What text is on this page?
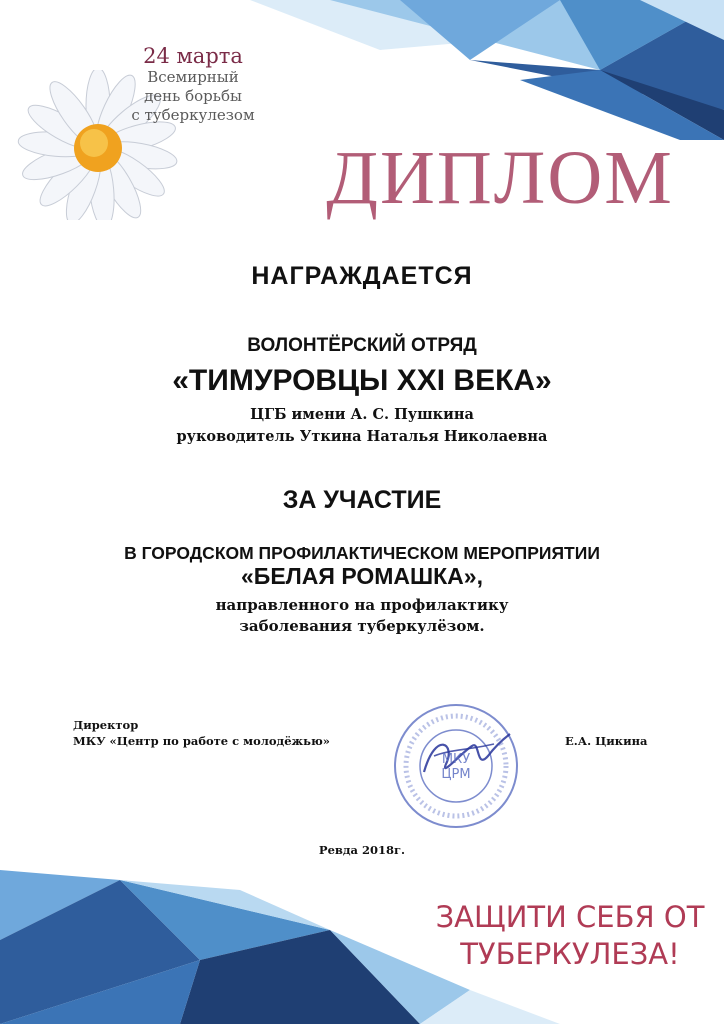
24 марта
Всемирный
день борьбы
с туберкулезом
ДИПЛОМ
НАГРАЖДАЕТСЯ
ВОЛОНТЁРСКИЙ ОТРЯД
«ТИМУРОВЦЫ XXI ВЕКА»
ЦГБ имени А. С. Пушкина
руководитель Уткина Наталья Николаевна
ЗА УЧАСТИЕ
В ГОРОДСКОМ ПРОФИЛАКТИЧЕСКОМ МЕРОПРИЯТИИ
«БЕЛАЯ РОМАШКА»,
направленного на профилактику
заболевания туберкулёзом.
Директор
МКУ «Центр по работе с молодёжью»	Е.А. Цикина
МКУ ЦРМ
Ревда 2018г.
ЗАЩИТИ СЕБЯ ОТ
ТУБЕРКУЛЕЗА!
